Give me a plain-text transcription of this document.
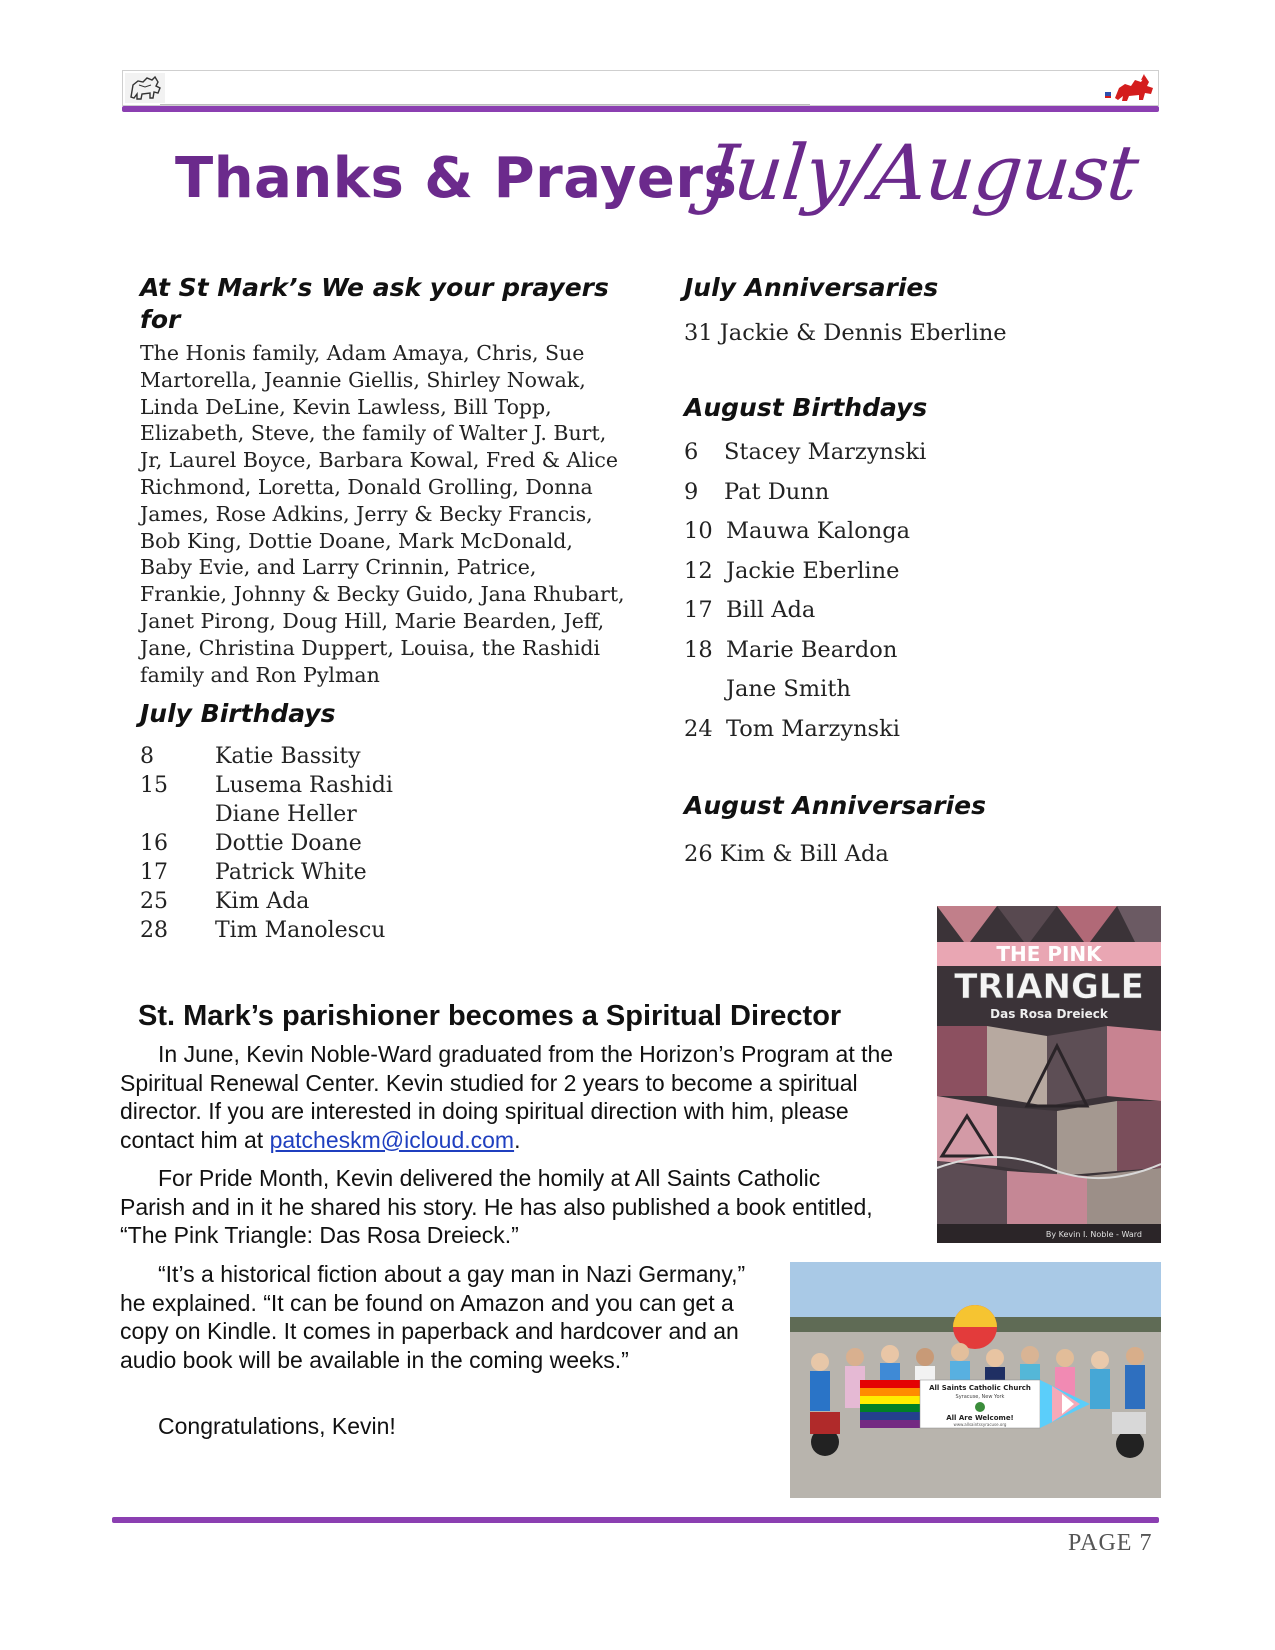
Thanks & Prayers
July/August
At St Mark’s We ask your prayers for
The Honis family, Adam Amaya, Chris, Sue Martorella, Jeannie Giellis, Shirley Nowak, Linda DeLine, Kevin Lawless, Bill Topp, Elizabeth, Steve, the family of Walter J. Burt, Jr, Laurel Boyce, Barbara Kowal, Fred & Alice Richmond, Loretta, Donald Grolling, Donna James, Rose Adkins, Jerry & Becky Francis, Bob King, Dottie Doane, Mark McDonald, Baby Evie, and Larry Crinnin, Patrice, Frankie, Johnny & Becky Guido, Jana Rhubart, Janet Pirong, Doug Hill, Marie Bearden, Jeff, Jane, Christina Duppert, Louisa, the Rashidi family and Ron Pylman
July Birthdays
8	Katie Bassity
15	Lusema Rashidi
Diane Heller
16	Dottie Doane
17	Patrick White
25	Kim Ada
28	Tim Manolescu
July Anniversaries
31 Jackie & Dennis Eberline
August Birthdays
6	Stacey Marzynski
9	Pat Dunn
10 Mauwa Kalonga
12 Jackie Eberline
17 Bill Ada
18 Marie Beardon
Jane Smith
24 Tom Marzynski
August Anniversaries
26 Kim & Bill Ada
St. Mark’s parishioner becomes a Spiritual Director

In June, Kevin Noble-Ward graduated from the Horizon’s Program at the Spiritual Renewal Center. Kevin studied for 2 years to become a spiritual director. If you are interested in doing spiritual direction with him, please contact him at patcheskm@icloud.com.

For Pride Month, Kevin delivered the homily at All Saints Catholic Parish and in it he shared his story. He has also published a book entitled, “The Pink Triangle: Das Rosa Dreieck.”

“It’s a historical fiction about a gay man in Nazi Germany,” he explained. “It can be found on Amazon and you can get a copy on Kindle. It comes in paperback and hardcover and an audio book will be available in the coming weeks.”

Congratulations, Kevin!

THE PINK
TRIANGLE
Das Rosa Dreieck
By Kevin I. Noble - Ward
All Saints Catholic Church
Syracuse, New York
All Are Welcome!
www.allsaintssyracuse.org
PAGE 7
